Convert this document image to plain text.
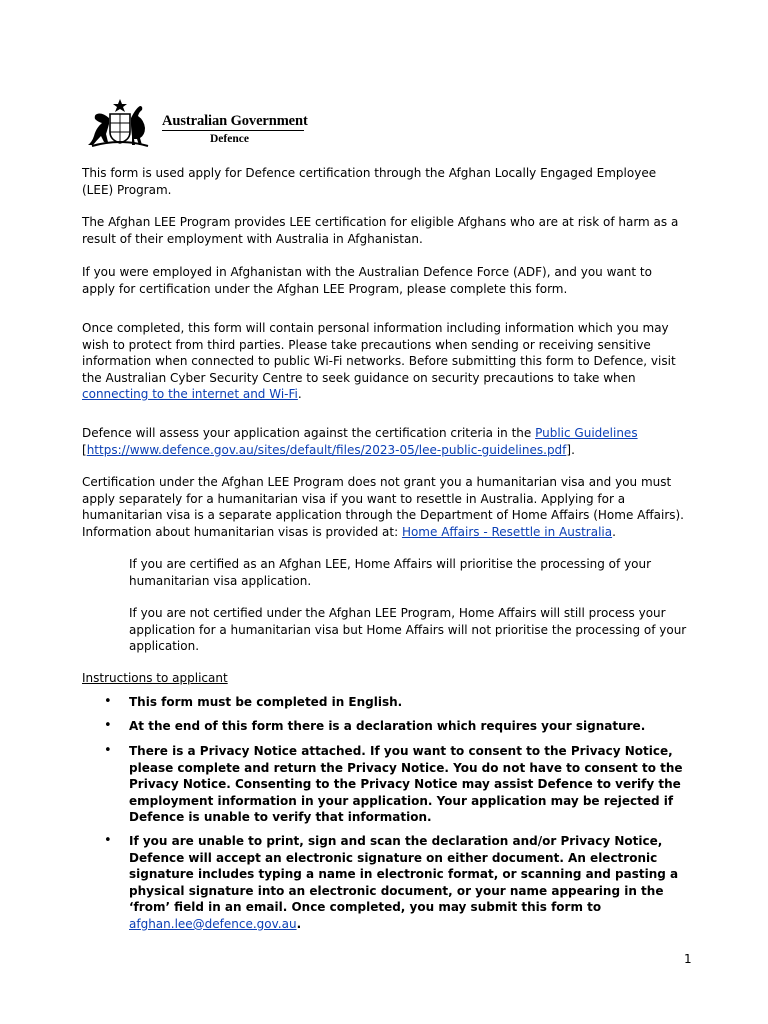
Australian Government
Defence

This form is used apply for Defence certification through the Afghan Locally Engaged Employee (LEE) Program.

The Afghan LEE Program provides LEE certification for eligible Afghans who are at risk of harm as a result of their employment with Australia in Afghanistan.

If you were employed in Afghanistan with the Australian Defence Force (ADF), and you want to apply for certification under the Afghan LEE Program, please complete this form.

Once completed, this form will contain personal information including information which you may wish to protect from third parties. Please take precautions when sending or receiving sensitive information when connected to public Wi-Fi networks. Before submitting this form to Defence, visit the Australian Cyber Security Centre to seek guidance on security precautions to take when connecting to the internet and Wi-Fi.

Defence will assess your application against the certification criteria in the Public Guidelines [https://www.defence.gov.au/sites/default/files/2023-05/lee-public-guidelines.pdf].

Certification under the Afghan LEE Program does not grant you a humanitarian visa and you must apply separately for a humanitarian visa if you want to resettle in Australia. Applying for a humanitarian visa is a separate application through the Department of Home Affairs (Home Affairs). Information about humanitarian visas is provided at: Home Affairs - Resettle in Australia.

If you are certified as an Afghan LEE, Home Affairs will prioritise the processing of your humanitarian visa application.

If you are not certified under the Afghan LEE Program, Home Affairs will still process your application for a humanitarian visa but Home Affairs will not prioritise the processing of your application.

Instructions to applicant

• This form must be completed in English.

• At the end of this form there is a declaration which requires your signature.

• There is a Privacy Notice attached. If you want to consent to the Privacy Notice, please complete and return the Privacy Notice. You do not have to consent to the Privacy Notice. Consenting to the Privacy Notice may assist Defence to verify the employment information in your application. Your application may be rejected if Defence is unable to verify that information.

• If you are unable to print, sign and scan the declaration and/or Privacy Notice, Defence will accept an electronic signature on either document. An electronic signature includes typing a name in electronic format, or scanning and pasting a physical signature into an electronic document, or your name appearing in the ‘from’ field in an email. Once completed, you may submit this form to afghan.lee@defence.gov.au.

1
